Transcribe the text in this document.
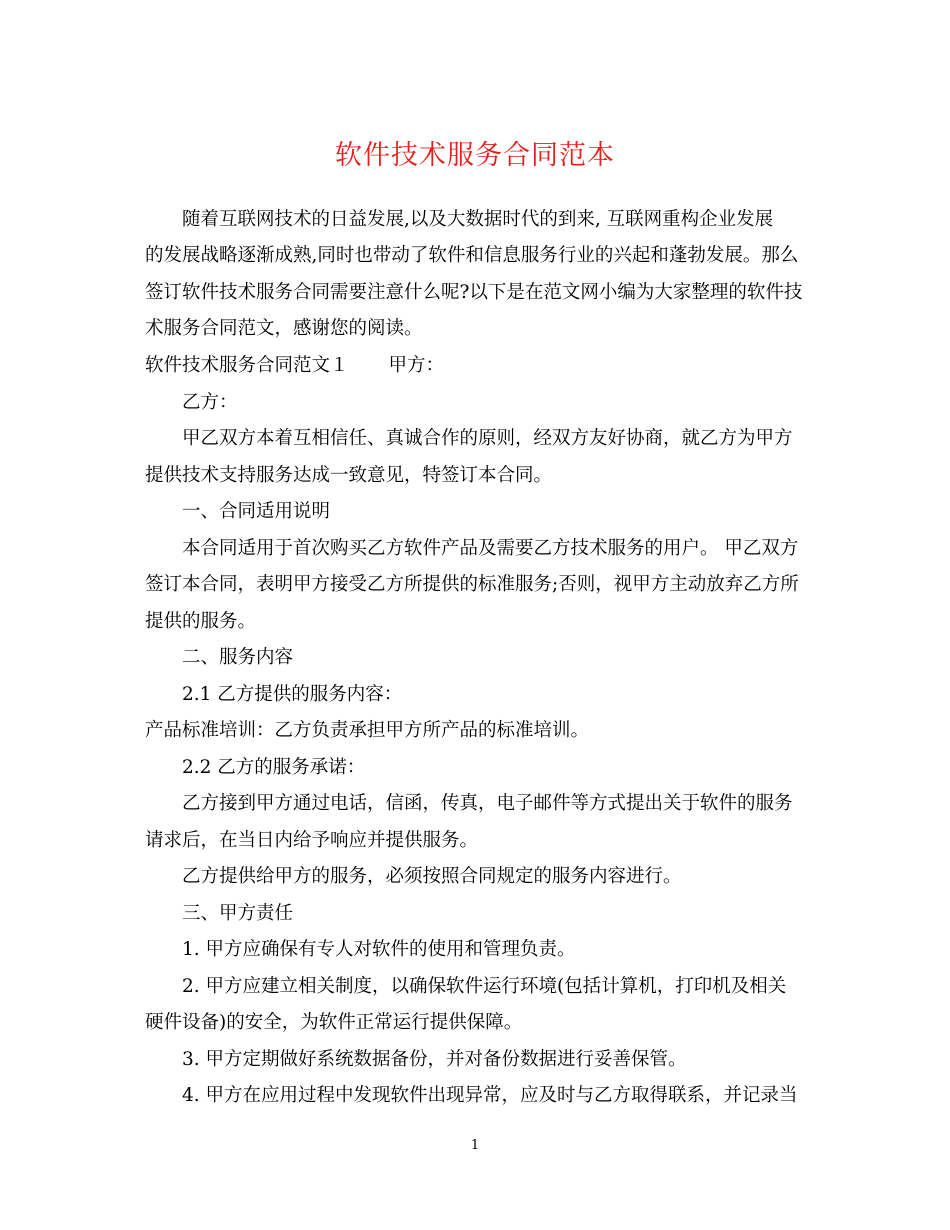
软件技术服务合同范本
随着互联网技术的日益发展,以及大数据时代的到来, 互联网重构企业发展
的发展战略逐渐成熟,同时也带动了软件和信息服务行业的兴起和蓬勃发展。那么
签订软件技术服务合同需要注意什么呢?以下是在范文网小编为大家整理的软件技
术服务合同范文，感谢您的阅读。
软件技术服务合同范文１ 甲方：
乙方：
甲乙双方本着互相信任、真诚合作的原则，经双方友好协商，就乙方为甲方
提供技术支持服务达成一致意见，特签订本合同。
一、合同适用说明
本合同适用于首次购买乙方软件产品及需要乙方技术服务的用户。 甲乙双方
签订本合同，表明甲方接受乙方所提供的标准服务;否则，视甲方主动放弃乙方所
提供的服务。
二、服务内容
2.1 乙方提供的服务内容：
产品标准培训：乙方负责承担甲方所产品的标准培训。
2.2 乙方的服务承诺：
乙方接到甲方通过电话，信函，传真，电子邮件等方式提出关于软件的服务
请求后，在当日内给予响应并提供服务。
乙方提供给甲方的服务，必须按照合同规定的服务内容进行。
三、甲方责任
1. 甲方应确保有专人对软件的使用和管理负责。
2. 甲方应建立相关制度，以确保软件运行环境(包括计算机，打印机及相关
硬件设备)的安全，为软件正常运行提供保障。
3. 甲方定期做好系统数据备份，并对备份数据进行妥善保管。
4. 甲方在应用过程中发现软件出现异常，应及时与乙方取得联系，并记录当
1
